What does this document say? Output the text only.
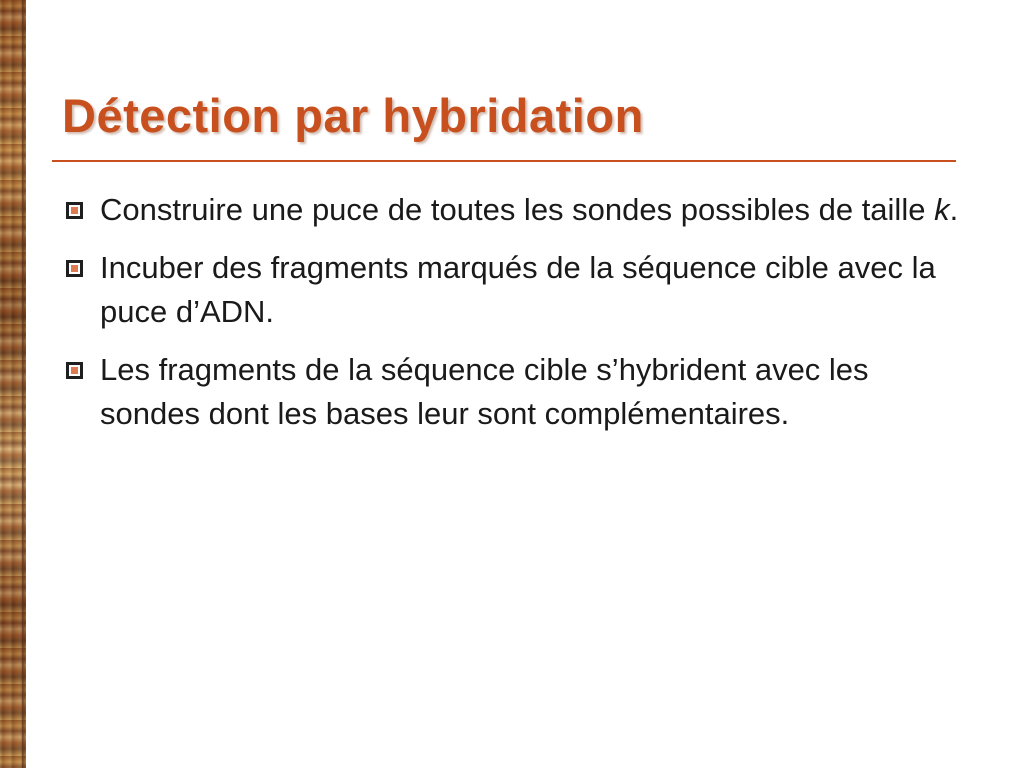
Détection par hybridation
Construire une puce de toutes les sondes possibles de taille k.
Incuber des fragments marqués de la séquence cible avec la puce d’ADN.
Les fragments de la séquence cible s’hybrident avec les sondes dont les bases leur sont complémentaires.
